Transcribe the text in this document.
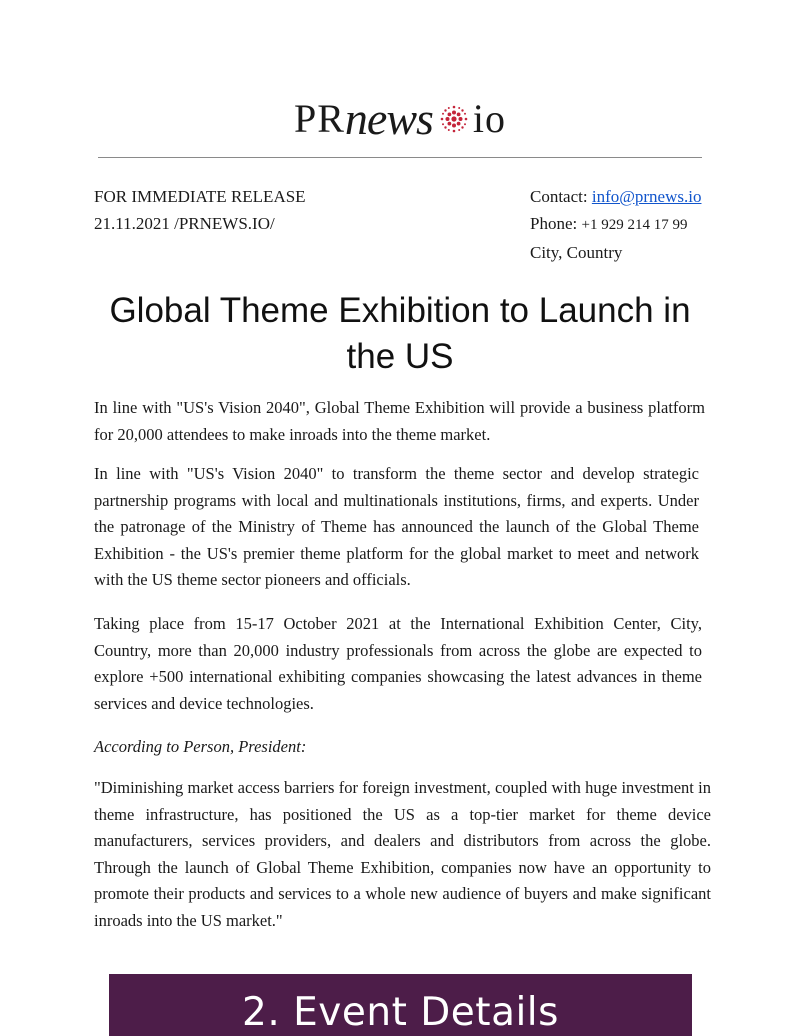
PRnews io
FOR IMMEDIATE RELEASE
21.11.2021 /PRNEWS.IO/
Contact: info@prnews.io
Phone: +1 929 214 17 99
City, Country
Global Theme Exhibition to Launch in the US

In line with "US's Vision 2040", Global Theme Exhibition will provide a business platform for 20,000 attendees to make inroads into the theme market.

In line with "US's Vision 2040" to transform the theme sector and develop strategic partnership programs with local and multinationals institutions, firms, and experts. Under the patronage of the Ministry of Theme has announced the launch of the Global Theme Exhibition - the US's premier theme platform for the global market to meet and network with the US theme sector pioneers and officials.

Taking place from 15-17 October 2021 at the International Exhibition Center, City, Country, more than 20,000 industry professionals from across the globe are expected to explore +500 international exhibiting companies showcasing the latest advances in theme services and device technologies.

According to Person, President:

"Diminishing market access barriers for foreign investment, coupled with huge investment in theme infrastructure, has positioned the US as a top-tier market for theme device manufacturers, services providers, and dealers and distributors from across the globe. Through the launch of Global Theme Exhibition, companies now have an opportunity to promote their products and services to a whole new audience of buyers and make significant inroads into the US market."

2. Event Details
